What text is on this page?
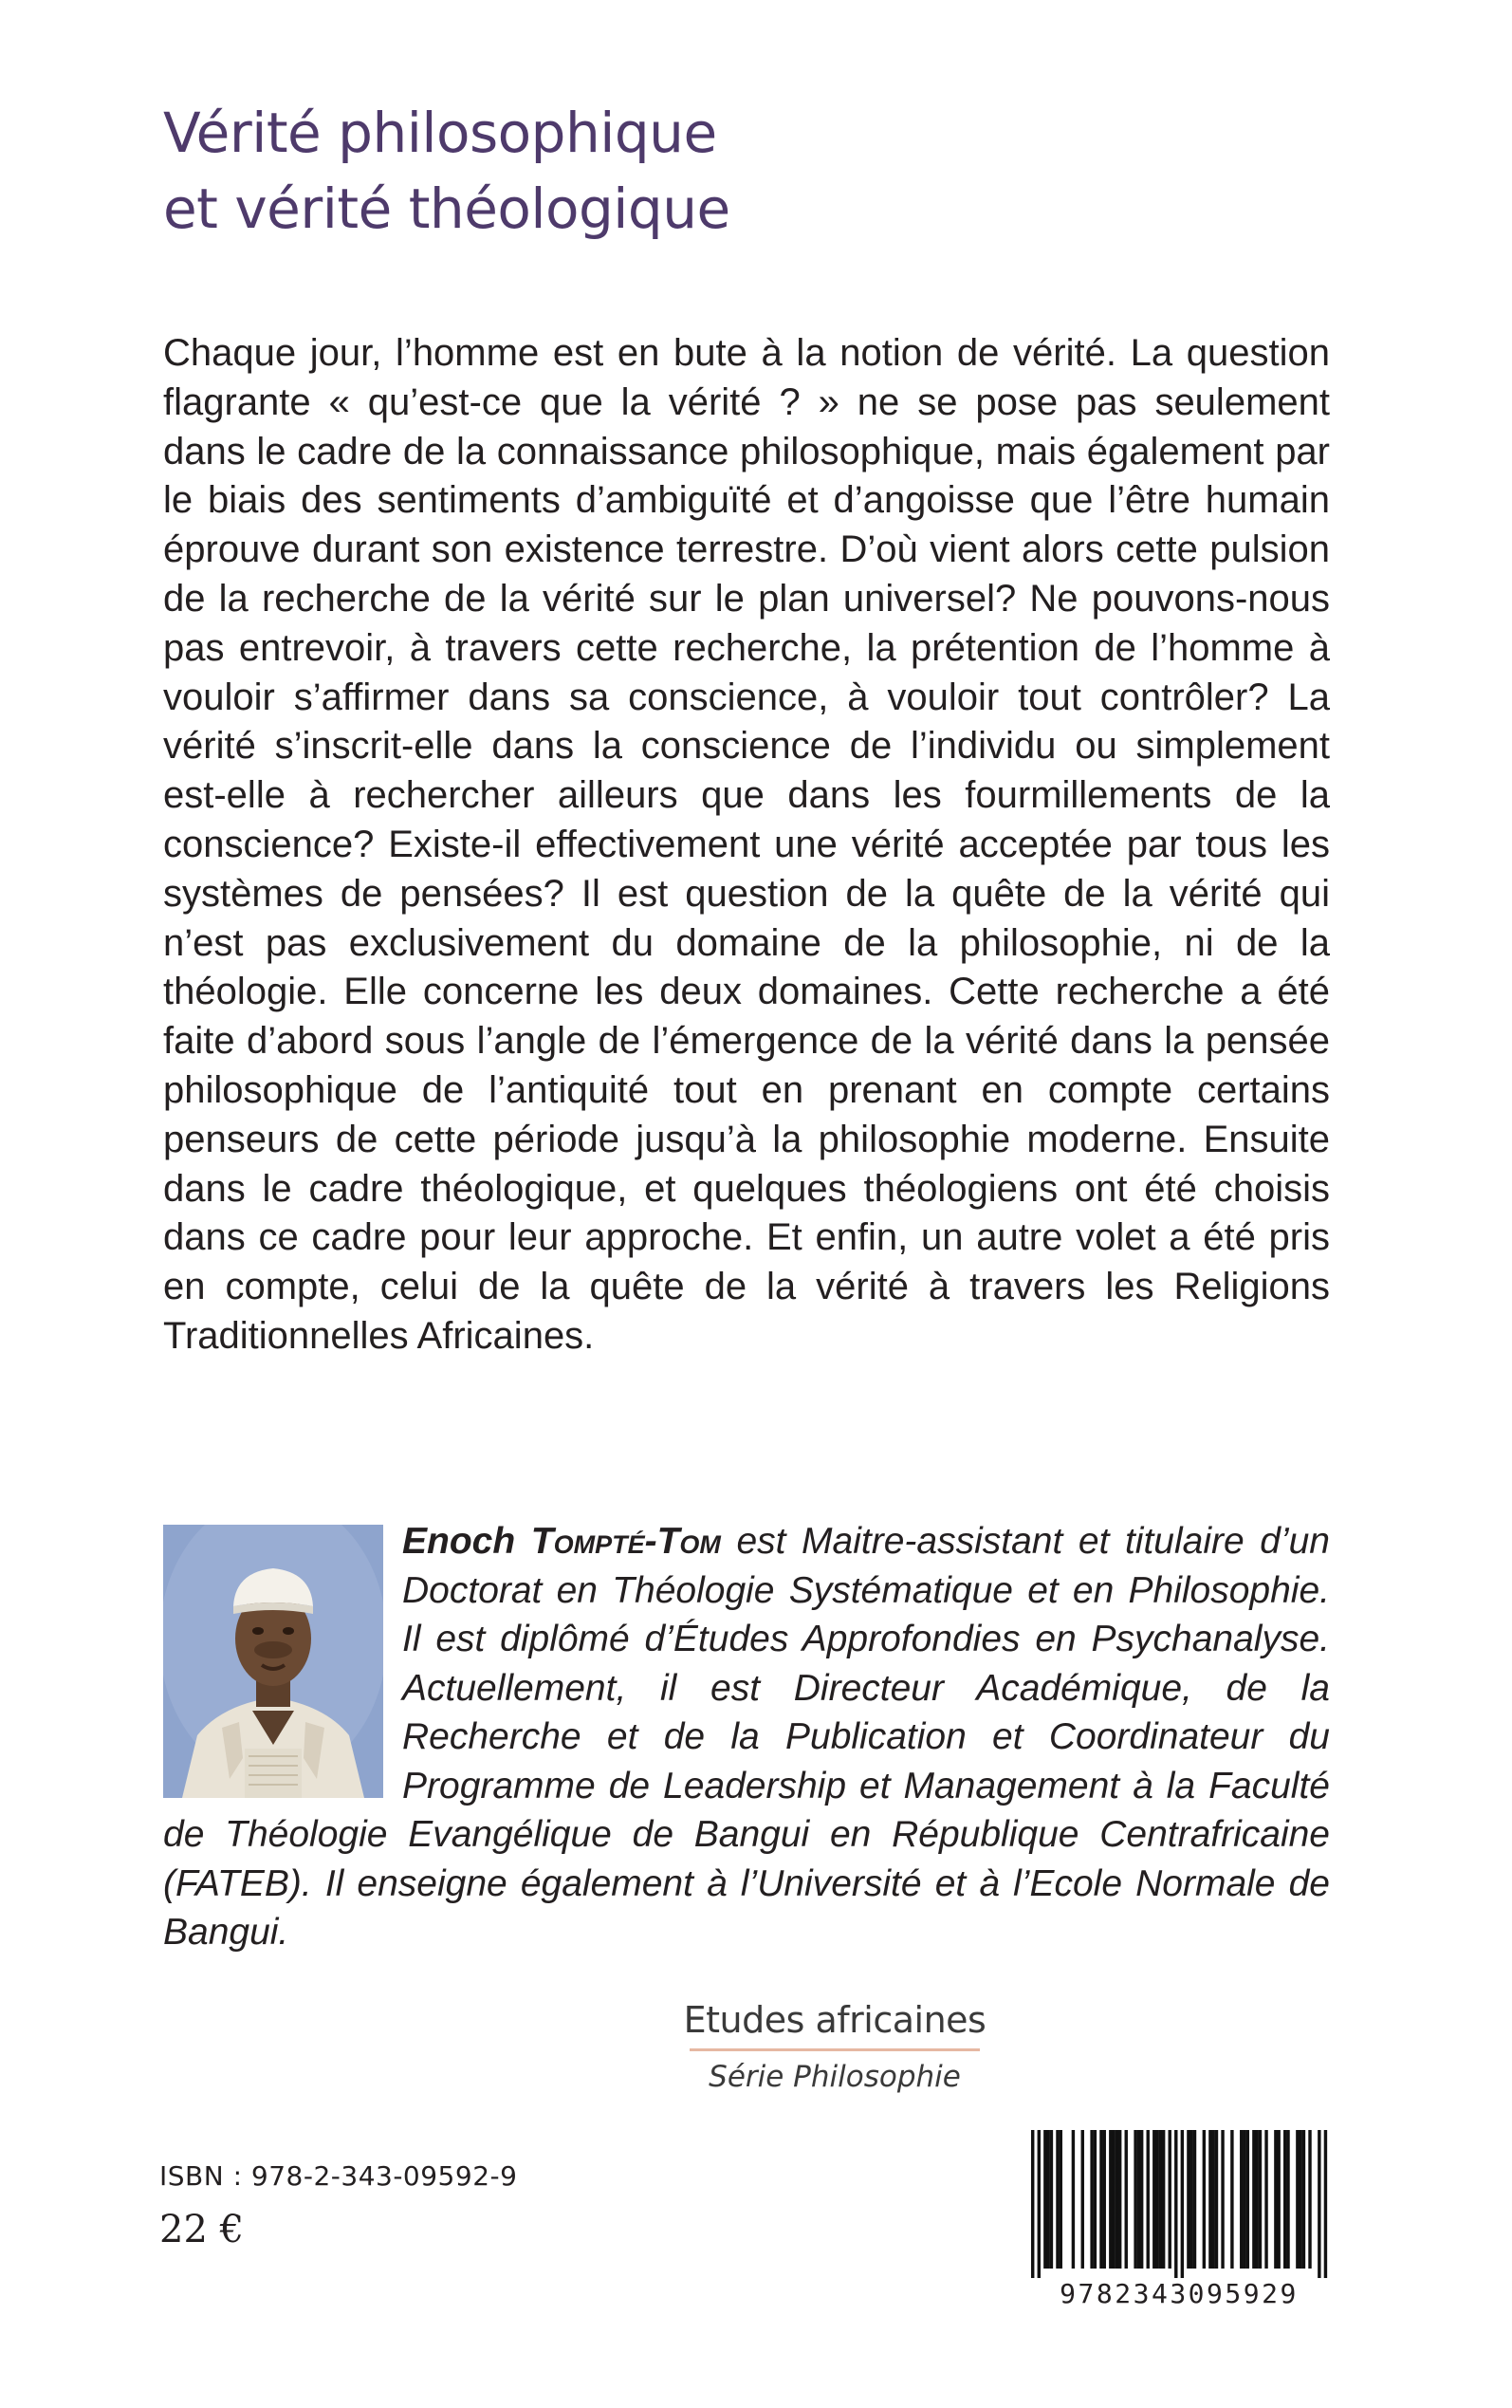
Vérité philosophique
et vérité théologique

Chaque jour, l’homme est en bute à la notion de vérité. La question flagrante « qu’est-ce que la vérité ? » ne se pose pas seulement dans le cadre de la connaissance philosophique, mais également par le biais des sentiments d’ambiguïté et d’angoisse que l’être humain éprouve durant son existence terrestre. D’où vient alors cette pulsion de la recherche de la vérité sur le plan universel? Ne pouvons-nous pas entrevoir, à travers cette recherche, la prétention de l’homme à vouloir s’affirmer dans sa conscience, à vouloir tout contrôler? La vérité s’inscrit-elle dans la conscience de l’individu ou simplement est-elle à rechercher ailleurs que dans les fourmillements de la conscience? Existe-il effectivement une vérité acceptée par tous les systèmes de pensées? Il est question de la quête de la vérité qui n’est pas exclusivement du domaine de la philosophie, ni de la théologie. Elle concerne les deux domaines. Cette recherche a été faite d’abord sous l’angle de l’émergence de la vérité dans la pensée philosophique de l’antiquité tout en prenant en compte certains penseurs de cette période jusqu’à la philosophie moderne. Ensuite dans le cadre théologique, et quelques théologiens ont été choisis dans ce cadre pour leur approche. Et enfin, un autre volet a été pris en compte, celui de la quête de la vérité à travers les Religions Traditionnelles Africaines.

Enoch Tompté-Tom est Maitre-assistant et titulaire d’un Doctorat en Théologie Systématique et en Philosophie. Il est diplômé d’Études Approfondies en Psychanalyse. Actuellement, il est Directeur Académique, de la Recherche et de la Publication et Coordinateur du Programme de Leadership et Management à la Faculté de Théologie Evangélique de Bangui en République Centrafricaine (FATEB). Il enseigne également à l’Université et à l’Ecole Normale de Bangui.

Etudes africaines
Série Philosophie
ISBN : 978-2-343-09592-9
22 €
9782343095929
